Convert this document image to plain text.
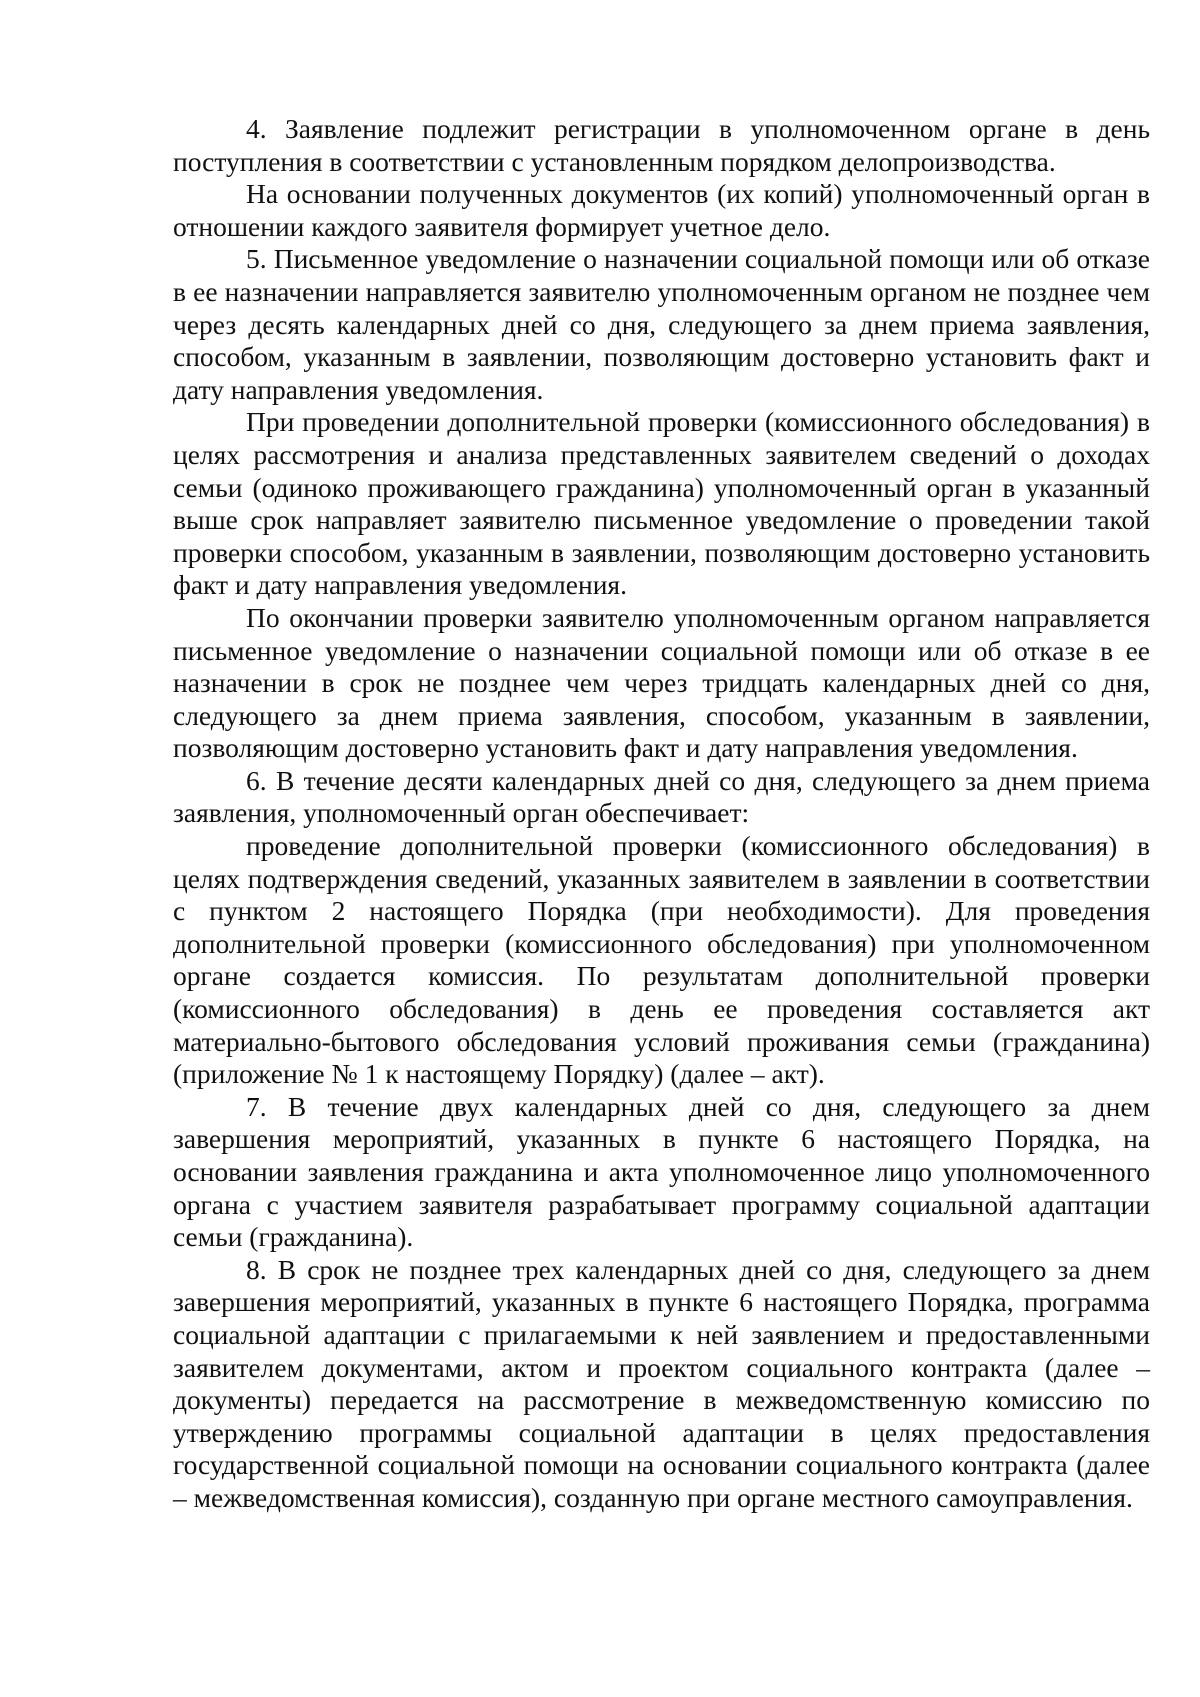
4. Заявление подлежит регистрации в уполномоченном органе в день поступления в соответствии с установленным порядком делопроизводства.

На основании полученных документов (их копий) уполномоченный орган в отношении каждого заявителя формирует учетное дело.

5. Письменное уведомление о назначении социальной помощи или об отказе в ее назначении направляется заявителю уполномоченным органом не позднее чем через десять календарных дней со дня, следующего за днем приема заявления, способом, указанным в заявлении, позволяющим достоверно установить факт и дату направления уведомления.

При проведении дополнительной проверки (комиссионного обследования) в целях рассмотрения и анализа представленных заявителем сведений о доходах семьи (одиноко проживающего гражданина) уполномоченный орган в указанный выше срок направляет заявителю письменное уведомление о проведении такой проверки способом, указанным в заявлении, позволяющим достоверно установить факт и дату направления уведомления.

По окончании проверки заявителю уполномоченным органом направляется письменное уведомление о назначении социальной помощи или об отказе в ее назначении в срок не позднее чем через тридцать календарных дней со дня, следующего за днем приема заявления, способом, указанным в заявлении, позволяющим достоверно установить факт и дату направления уведомления.

6. В течение десяти календарных дней со дня, следующего за днем приема заявления, уполномоченный орган обеспечивает:

проведение дополнительной проверки (комиссионного обследования) в целях подтверждения сведений, указанных заявителем в заявлении в соответствии с пунктом 2 настоящего Порядка (при необходимости). Для проведения дополнительной проверки (комиссионного обследования) при уполномоченном органе создается комиссия. По результатам дополнительной проверки (комиссионного обследования) в день ее проведения составляется акт материально-бытового обследования условий проживания семьи (гражданина) (приложение № 1 к настоящему Порядку) (далее – акт).

7. В течение двух календарных дней со дня, следующего за днем завершения мероприятий, указанных в пункте 6 настоящего Порядка, на основании заявления гражданина и акта уполномоченное лицо уполномоченного органа с участием заявителя разрабатывает программу социальной адаптации семьи (гражданина).

8. В срок не позднее трех календарных дней со дня, следующего за днем завершения мероприятий, указанных в пункте 6 настоящего Порядка, программа социальной адаптации с прилагаемыми к ней заявлением и предоставленными заявителем документами, актом и проектом социального контракта (далее – документы) передается на рассмотрение в межведомственную комиссию по утверждению программы социальной адаптации в целях предоставления государственной социальной помощи на основании социального контракта (далее – межведомственная комиссия), созданную при органе местного самоуправления.
